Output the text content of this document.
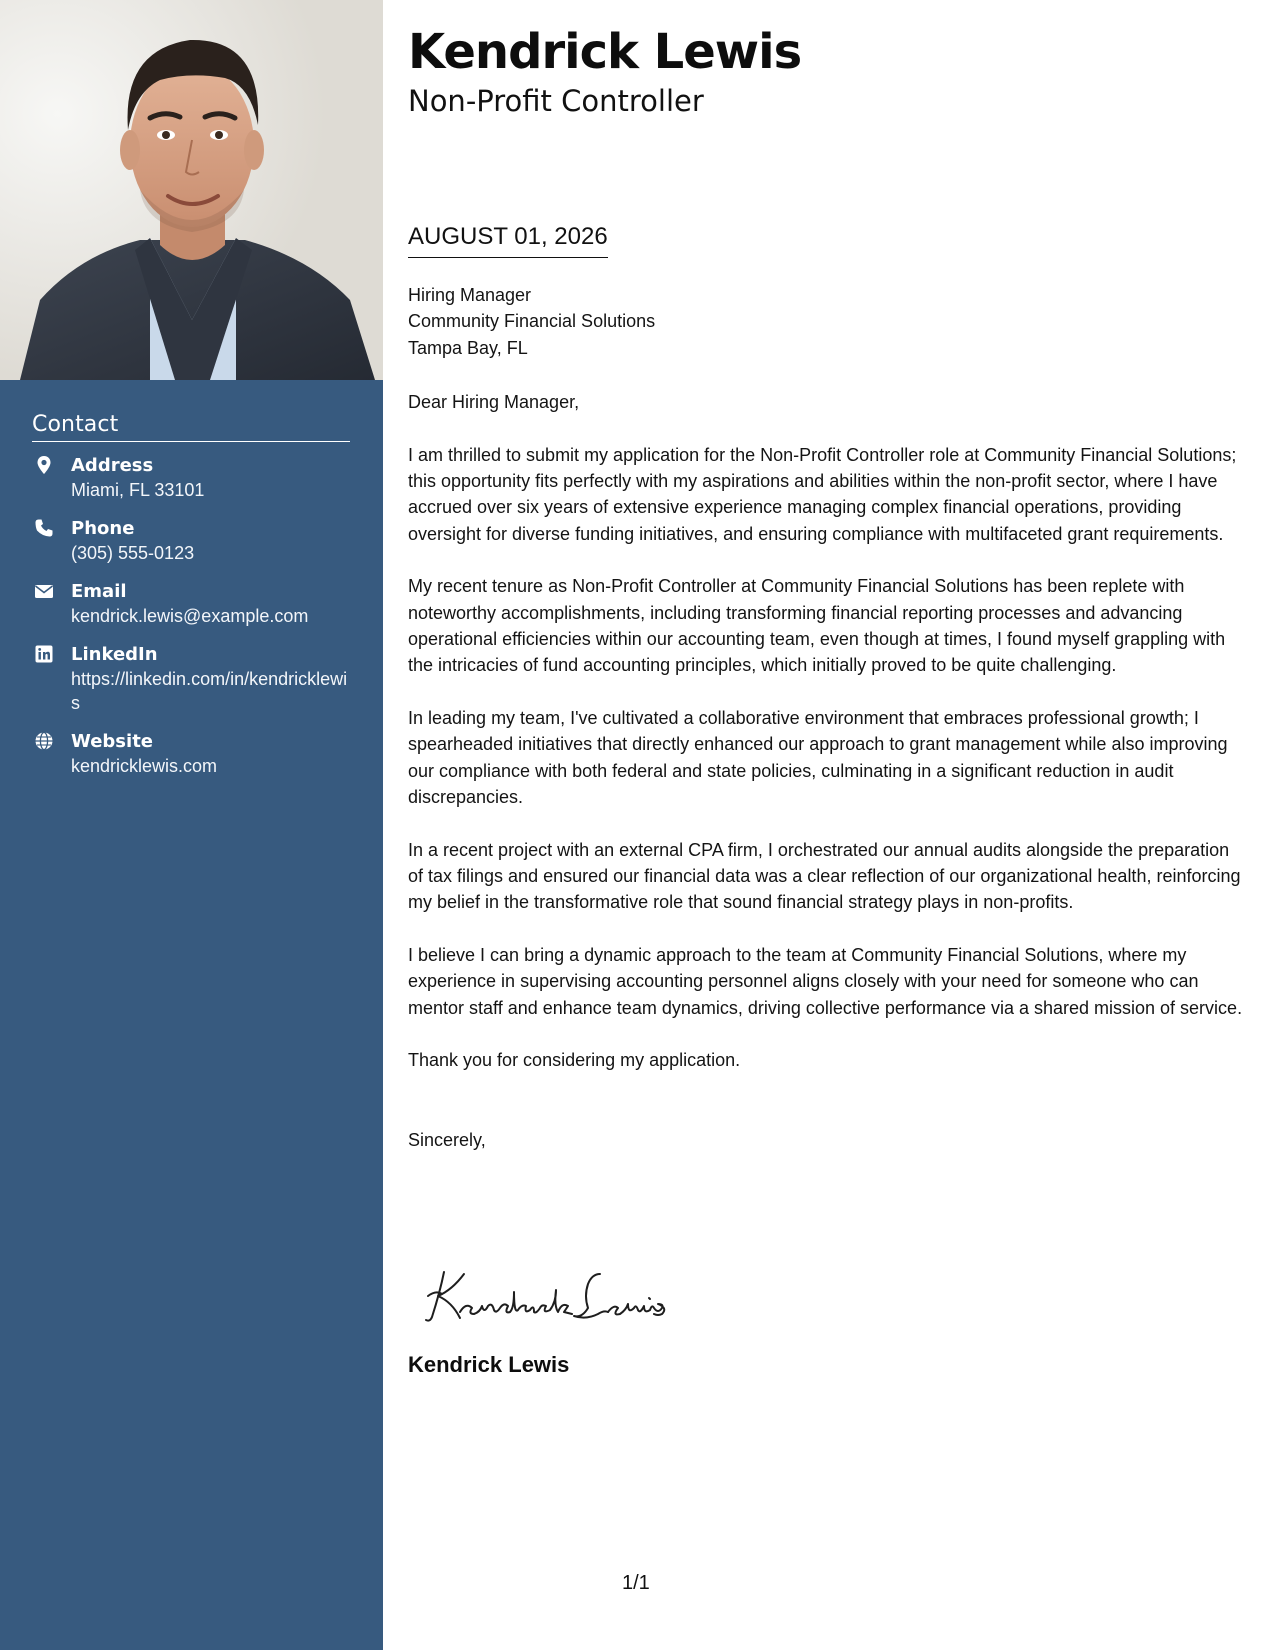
Contact
Address
Miami, FL 33101
Phone
(305) 555-0123
Email
kendrick.lewis@example.com
LinkedIn
https://linkedin.com/in/kendricklewis
Website
kendricklewis.com
Kendrick Lewis
Non-Profit Controller
AUGUST 01, 2026
Hiring Manager
Community Financial Solutions
Tampa Bay, FL

Dear Hiring Manager,

I am thrilled to submit my application for the Non-Profit Controller role at Community Financial Solutions; this opportunity fits perfectly with my aspirations and abilities within the non-profit sector, where I have accrued over six years of extensive experience managing complex financial operations, providing oversight for diverse funding initiatives, and ensuring compliance with multifaceted grant requirements.

My recent tenure as Non-Profit Controller at Community Financial Solutions has been replete with noteworthy accomplishments, including transforming financial reporting processes and advancing operational efficiencies within our accounting team, even though at times, I found myself grappling with the intricacies of fund accounting principles, which initially proved to be quite challenging.

In leading my team, I've cultivated a collaborative environment that embraces professional growth; I spearheaded initiatives that directly enhanced our approach to grant management while also improving our compliance with both federal and state policies, culminating in a significant reduction in audit discrepancies.

In a recent project with an external CPA firm, I orchestrated our annual audits alongside the preparation of tax filings and ensured our financial data was a clear reflection of our organizational health, reinforcing my belief in the transformative role that sound financial strategy plays in non-profits.

I believe I can bring a dynamic approach to the team at Community Financial Solutions, where my experience in supervising accounting personnel aligns closely with your need for someone who can mentor staff and enhance team dynamics, driving collective performance via a shared mission of service.

Thank you for considering my application.

Sincerely,

Kendrick Lewis
1/1
